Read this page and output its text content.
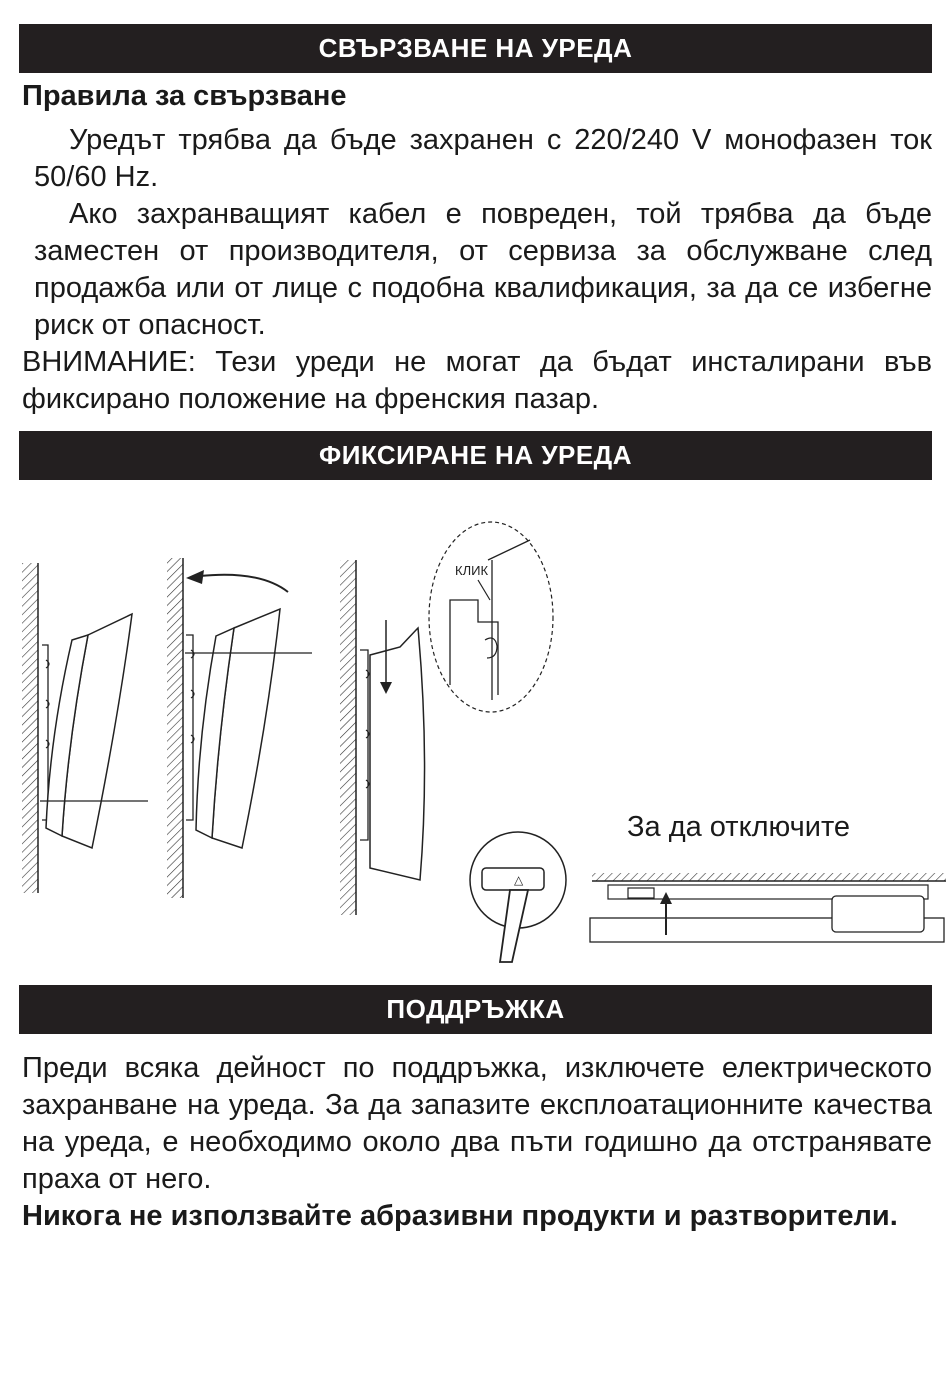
СВЪРЗВАНЕ НА УРЕДА
Правила за свързване
Уредът трябва да бъде захранен с 220/240 V монофазен ток 50/60 Hz.
Ако захранващият кабел е повреден, той трябва да бъде заместен от производителя, от сервиза за обслужване след продажба или от лице с подобна квалификация, за да се избегне риск от опасност.
ВНИМАНИЕ: Тези уреди не могат да бъдат инсталирани във фиксирано положение на френския пазар.
ФИКСИРАНЕ НА УРЕДА
КЛИК
За да отключите
△
ПОДДРЪЖКА
Преди всяка дейност по поддръжка, изключете електрическото захранване на уреда. За да запазите експлоатационните качества на уреда, е необходимо около два пъти годишно да отстранявате праха от него.
Никога не използвайте абразивни продукти и разтворители.
